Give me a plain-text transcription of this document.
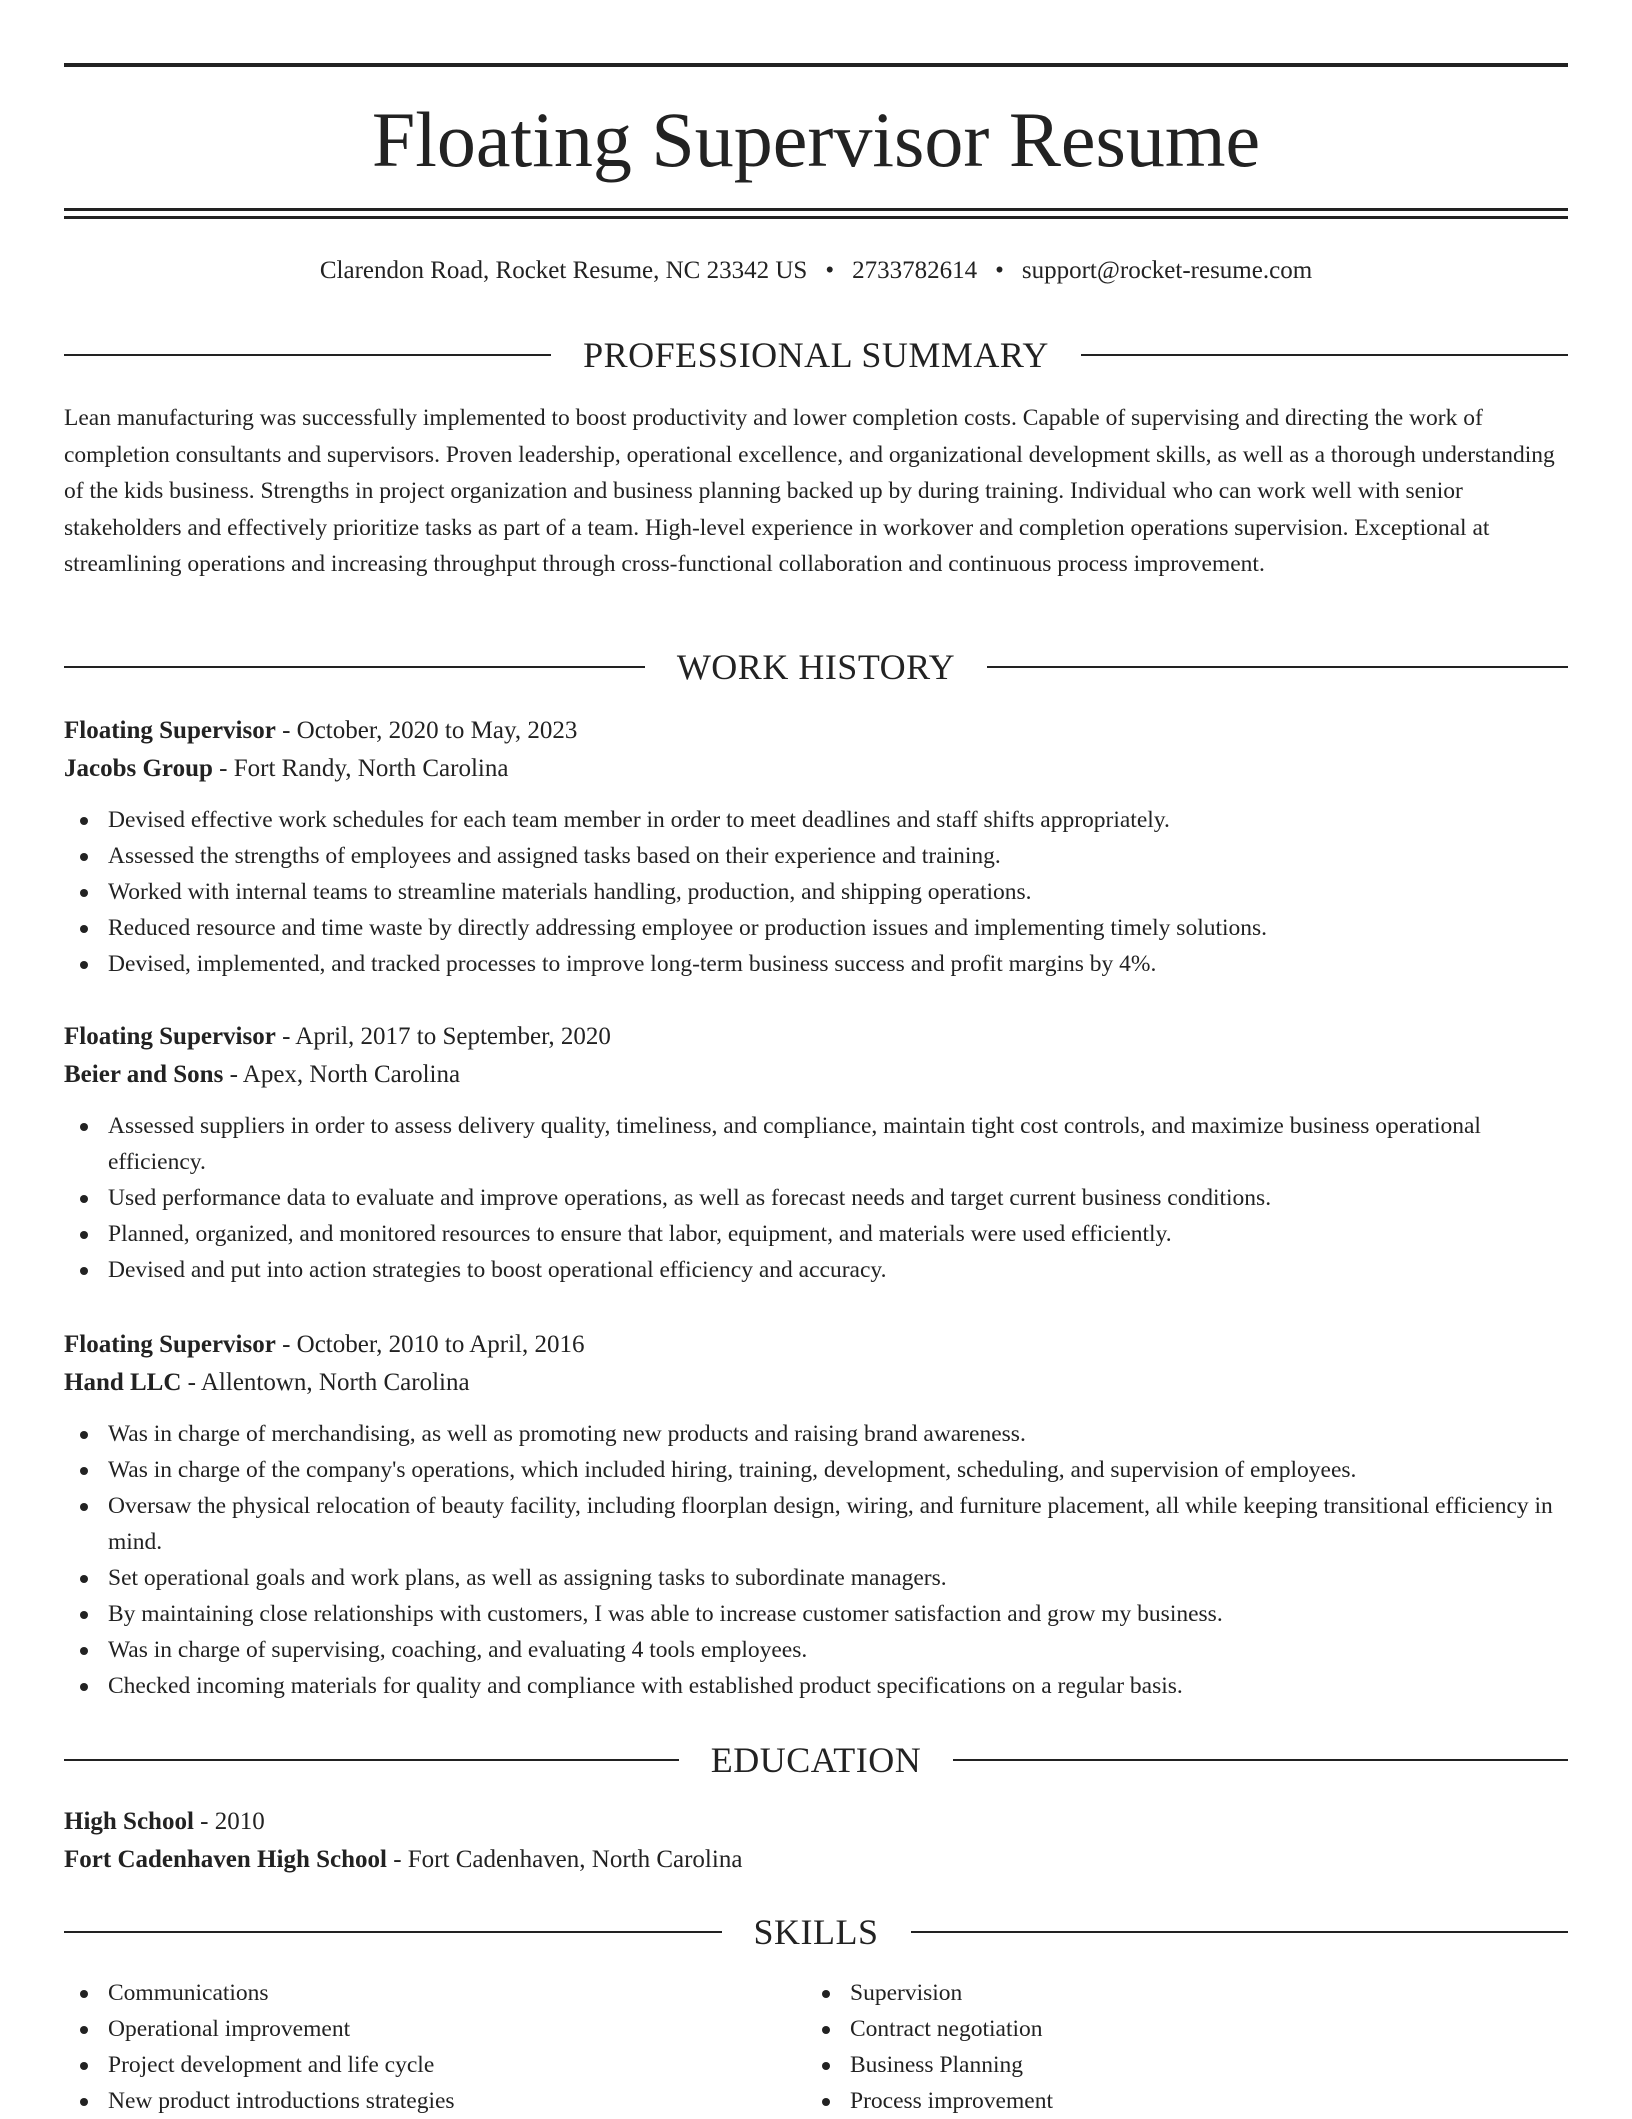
Floating Supervisor Resume
Clarendon Road, Rocket Resume, NC 23342 US • 2733782614 • support@rocket-resume.com
PROFESSIONAL SUMMARY

Lean manufacturing was successfully implemented to boost productivity and lower completion costs. Capable of supervising and directing the work of completion consultants and supervisors. Proven leadership, operational excellence, and organizational development skills, as well as a thorough understanding of the kids business. Strengths in project organization and business planning backed up by during training. Individual who can work well with senior stakeholders and effectively prioritize tasks as part of a team. High-level experience in workover and completion operations supervision. Exceptional at streamlining operations and increasing throughput through cross-functional collaboration and continuous process improvement.

WORK HISTORY

Floating Supervisor - October, 2020 to May, 2023

Jacobs Group - Fort Randy, North Carolina

Devised effective work schedules for each team member in order to meet deadlines and staff shifts appropriately.
Assessed the strengths of employees and assigned tasks based on their experience and training.
Worked with internal teams to streamline materials handling, production, and shipping operations.
Reduced resource and time waste by directly addressing employee or production issues and implementing timely solutions.
Devised, implemented, and tracked processes to improve long-term business success and profit margins by 4%.

Floating Supervisor - April, 2017 to September, 2020

Beier and Sons - Apex, North Carolina

Assessed suppliers in order to assess delivery quality, timeliness, and compliance, maintain tight cost controls, and maximize business operational efficiency.
Used performance data to evaluate and improve operations, as well as forecast needs and target current business conditions.
Planned, organized, and monitored resources to ensure that labor, equipment, and materials were used efficiently.
Devised and put into action strategies to boost operational efficiency and accuracy.

Floating Supervisor - October, 2010 to April, 2016

Hand LLC - Allentown, North Carolina

Was in charge of merchandising, as well as promoting new products and raising brand awareness.
Was in charge of the company's operations, which included hiring, training, development, scheduling, and supervision of employees.
Oversaw the physical relocation of beauty facility, including floorplan design, wiring, and furniture placement, all while keeping transitional efficiency in mind.
Set operational goals and work plans, as well as assigning tasks to subordinate managers.
By maintaining close relationships with customers, I was able to increase customer satisfaction and grow my business.
Was in charge of supervising, coaching, and evaluating 4 tools employees.
Checked incoming materials for quality and compliance with established product specifications on a regular basis.
EDUCATION

High School - 2010

Fort Cadenhaven High School - Fort Cadenhaven, North Carolina

SKILLS
Communications
Operational improvement
Project development and life cycle
New product introductions strategies
Supervision
Contract negotiation
Business Planning
Process improvement
